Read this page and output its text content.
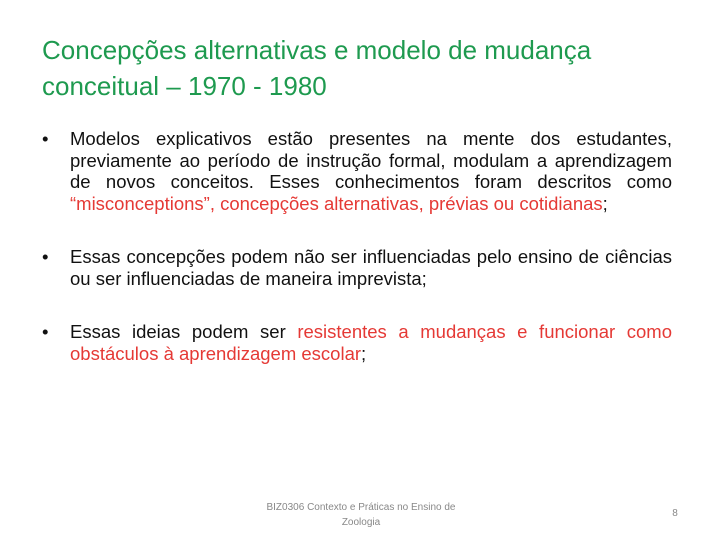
Concepções alternativas e modelo de mudança conceitual – 1970 - 1980
• Modelos explicativos estão presentes na mente dos estudantes, previamente ao período de instrução formal, modulam a aprendizagem de novos conceitos. Esses conhecimentos foram descritos como “misconceptions”, concepções alternativas, prévias ou cotidianas;
• Essas concepções podem não ser influenciadas pelo ensino de ciências ou ser influenciadas de maneira imprevista;
• Essas ideias podem ser resistentes a mudanças e funcionar como obstáculos à aprendizagem escolar;
BIZ0306 Contexto e Práticas no Ensino de Zoologia
8
